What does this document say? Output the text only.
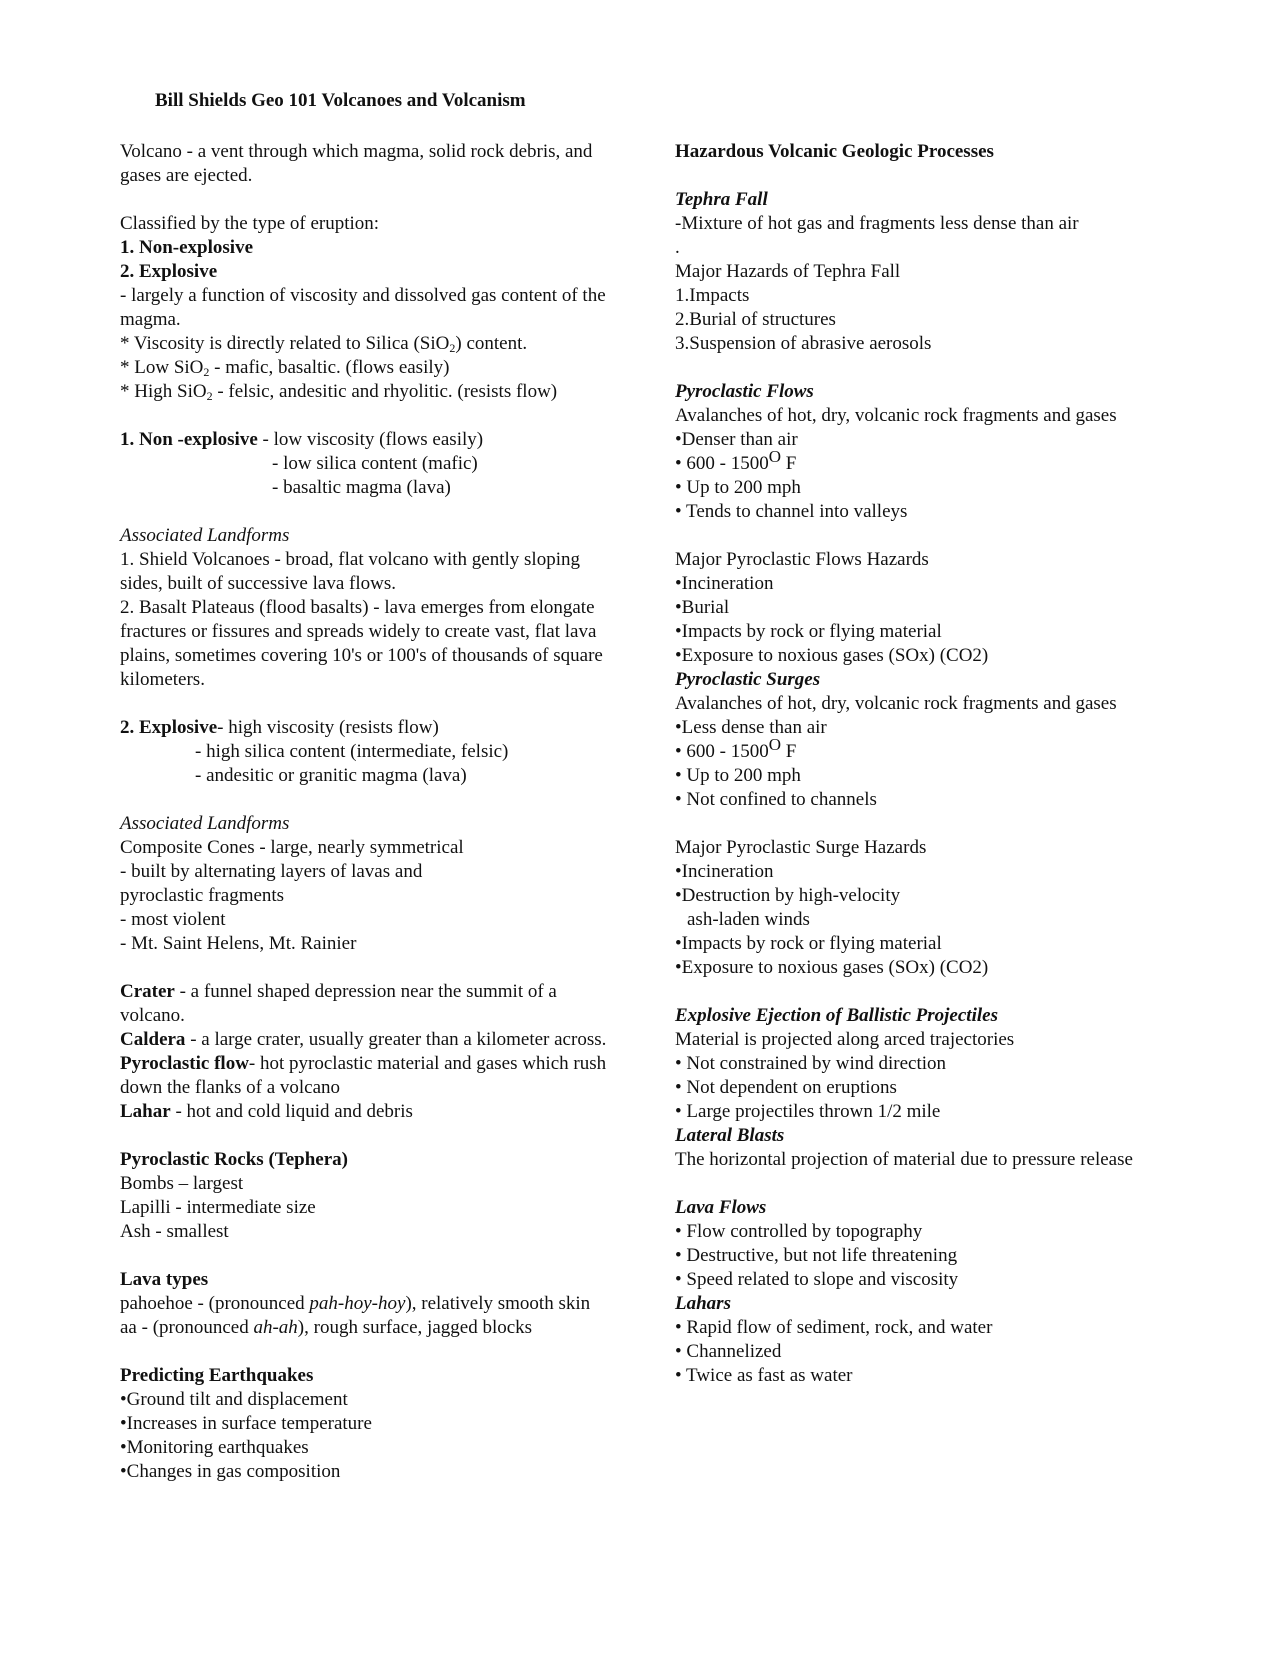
Bill Shields Geo 101 Volcanoes and Volcanism

Volcano - a vent through which magma, solid rock debris, and gases are ejected.

Classified by the type of eruption:

1. Non-explosive

2. Explosive

- largely a function of viscosity and dissolved gas content of the magma.

* Viscosity is directly related to Silica (SiO$_2$) content.

* Low SiO$_2$ - mafic, basaltic. (flows easily)

* High SiO$_2$ - felsic, andesitic and rhyolitic. (resists flow)

1. Non -explosive - low viscosity (flows easily)

- low silica content (mafic)

- basaltic magma (lava)

Associated Landforms

1. Shield Volcanoes - broad, flat volcano with gently sloping sides, built of successive lava flows.

2. Basalt Plateaus (flood basalts) - lava emerges from elongate fractures or fissures and spreads widely to create vast, flat lava plains, sometimes covering 10's or 100's of thousands of square kilometers.

2. Explosive- high viscosity (resists flow)

- high silica content (intermediate, felsic)

- andesitic or granitic magma (lava)

Associated Landforms

Composite Cones - large, nearly symmetrical

- built by alternating layers of lavas and

pyroclastic fragments

- most violent

- Mt. Saint Helens, Mt. Rainier

Crater - a funnel shaped depression near the summit of a volcano.

Caldera - a large crater, usually greater than a kilometer across.

Pyroclastic flow- hot pyroclastic material and gases which rush down the flanks of a volcano

Lahar - hot and cold liquid and debris

Pyroclastic Rocks (Tephera)

Bombs – largest

Lapilli - intermediate size

Ash - smallest

Lava types

pahoehoe - (pronounced pah-hoy-hoy), relatively smooth skin

aa - (pronounced ah-ah), rough surface, jagged blocks

Predicting Earthquakes

•Ground tilt and displacement

•Increases in surface temperature

•Monitoring earthquakes

•Changes in gas composition

Hazardous Volcanic Geologic Processes

Tephra Fall

-Mixture of hot gas and fragments less dense than air

.

Major Hazards of Tephra Fall

1.Impacts

2.Burial of structures

3.Suspension of abrasive aerosols

Pyroclastic Flows

Avalanches of hot, dry, volcanic rock fragments and gases

•Denser than air

• $600 - 1500^O$ F

• Up to 200 mph

• Tends to channel into valleys

Major Pyroclastic Flows Hazards

•Incineration

•Burial

•Impacts by rock or flying material

•Exposure to noxious gases (SOx) (CO2)

Pyroclastic Surges

Avalanches of hot, dry, volcanic rock fragments and gases

•Less dense than air

• $600 - 1500^O$ F

• Up to 200 mph

• Not confined to channels

Major Pyroclastic Surge Hazards

•Incineration

•Destruction by high-velocity

ash-laden winds

•Impacts by rock or flying material

•Exposure to noxious gases (SOx) (CO2)

Explosive Ejection of Ballistic Projectiles

Material is projected along arced trajectories

• Not constrained by wind direction

• Not dependent on eruptions

• Large projectiles thrown 1/2 mile

Lateral Blasts

The horizontal projection of material due to pressure release

Lava Flows

• Flow controlled by topography

• Destructive, but not life threatening

• Speed related to slope and viscosity

Lahars

• Rapid flow of sediment, rock, and water

• Channelized

• Twice as fast as water
